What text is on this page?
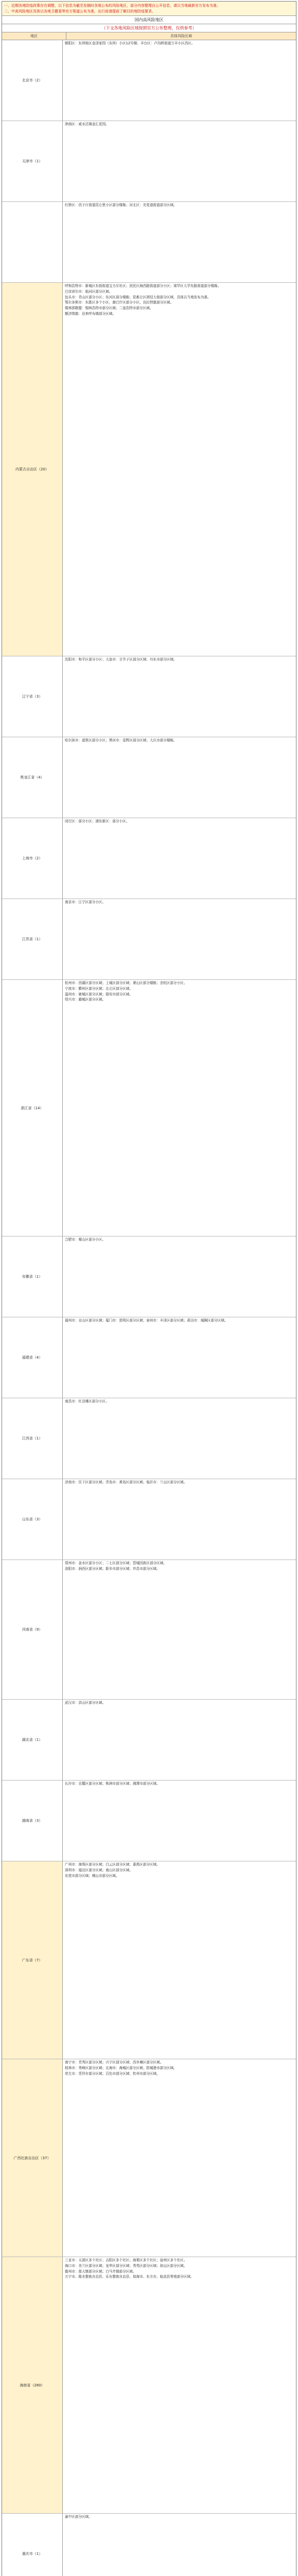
一、近期各地防疫政策存在调整，以下信息为截至发稿时各地公布的风险地区，部分内容整理自公开信息，请以当地最新官方发布为准。
二、中高风险地区具体以各地卫健委等官方渠道公布为准，出行前请提前了解目的地防疫要求。
国内高风险地区
（下文各地风险区域按照官方公布整理，仅供参考）
地区	具体风险区域
北京市（2）

朝阳区：东坝地区金泽家园（东坝）小区12号楼；丰台区：卢沟桥街道万丰小区西区。

天津市（1）

津南区：咸水沽镇金汇花园。

红桥区：西于庄街道昆仑里小区部分楼栋；河北区：光复道街道部分区域。

内蒙古自治区（20）

呼和浩特市：新城区东街街道宝力尔社区；回民区海西路街道部分小区；赛罕区大学东路街道部分楼栋。

巴彦淖尔市：临河区部分区域。

包头市：青山区部分小区；东河区部分楼栋；昆都仑区团结大街部分区域，具体以当地发布为准。

鄂尔多斯市：东胜区多个小区，康巴什区部分小区，达拉特旗部分区域。

锡林郭勒盟：锡林浩特市部分区域；二连浩特市部分区域。

额济纳旗：达来呼布镇部分区域。

辽宁省（3）

沈阳市：和平区部分小区；大连市：甘井子区部分区域；丹东市部分区域。

黑龙江省（4）

哈尔滨市：道里区部分小区；黑河市：爱辉区部分区域；大庆市部分楼栋。

上海市（2）

闵行区：部分小区；浦东新区：部分小区。

江苏省（1）

南京市：江宁区部分小区。

浙江省（14）

杭州市：西湖区部分区域；上城区部分区域；萧山区部分楼栋；余杭区部分小区。

宁波市：鄞州区部分区域；北仑区部分区域。

温州市：鹿城区部分区域；瑞安市部分区域。

绍兴市：越城区部分区域。

安徽省（1）

合肥市：蜀山区部分小区。

福建省（4）

福州市：仓山区部分区域；厦门市：思明区部分区域；泉州市：丰泽区部分区域；莆田市：城厢区部分区域。

江西省（1）

南昌市：红谷滩区部分小区。

山东省（3）

济南市：历下区部分区域；青岛市：黄岛区部分区域；临沂市：兰山区部分区域。

河南省（9）

郑州市：金水区部分小区；二七区部分区域；管城回族区部分区域。

洛阳市：涧西区部分区域；新乡市部分区域；许昌市部分区域。

湖北省（1）

武汉市：洪山区部分区域。

湖南省（3）

长沙市：岳麓区部分区域；株洲市部分区域；湘潭市部分区域。

广东省（7）

广州市：海珠区部分区域；白云区部分区域；番禺区部分区域。

深圳市：福田区部分区域；南山区部分区域。

东莞市部分区域；佛山市部分区域。

广西壮族自治区（37）

南宁市：青秀区部分区域；兴宁区部分区域；西乡塘区部分区域。

桂林市：秀峰区部分区域；北海市：海城区部分区域；防城港市部分区域。

崇左市：凭祥市部分区域；百色市部分区域；钦州市部分区域。

海南省（280）

三亚市：天涯区多个社区；吉阳区多个社区；海棠区多个社区；崖州区多个社区。

海口市：美兰区部分区域；龙华区部分区域；秀英区部分区域；琼山区部分区域。

儋州市：那大镇部分区域；白马井镇部分区域。

万宁市、陵水黎族自治县、乐东黎族自治县、琼海市、东方市、临高县等地部分区域。

重庆市（1）

渝中区部分区域。
